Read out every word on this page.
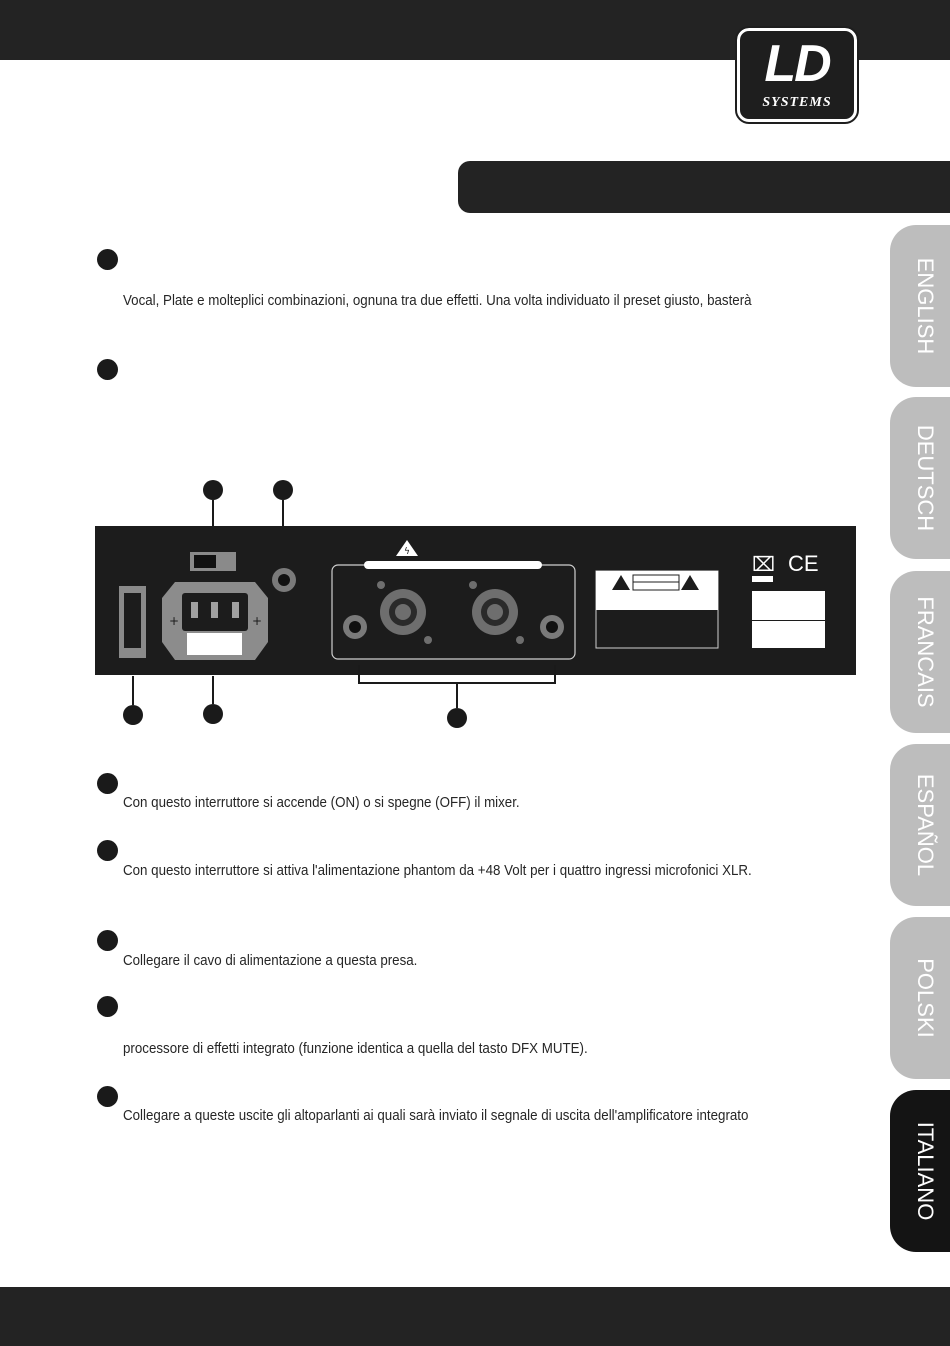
LD
SYSTEMS
ENGLISH
DEUTSCH
FRANCAIS
ESPAÑOL
POLSKI
ITALIANO
Vocal, Plate e molteplici combinazioni, ognuna tra due effetti. Una volta individuato il preset giusto, basterà
+	+
ϟ	⌧ CE
Con questo interruttore si accende (ON) o si spegne (OFF) il mixer.
Con questo interruttore si attiva l'alimentazione phantom da +48 Volt per i quattro ingressi microfonici XLR.
Collegare il cavo di alimentazione a questa presa.
processore di effetti integrato (funzione identica a quella del tasto DFX MUTE).
Collegare a queste uscite gli altoparlanti ai quali sarà inviato il segnale di uscita dell'amplificatore integrato
